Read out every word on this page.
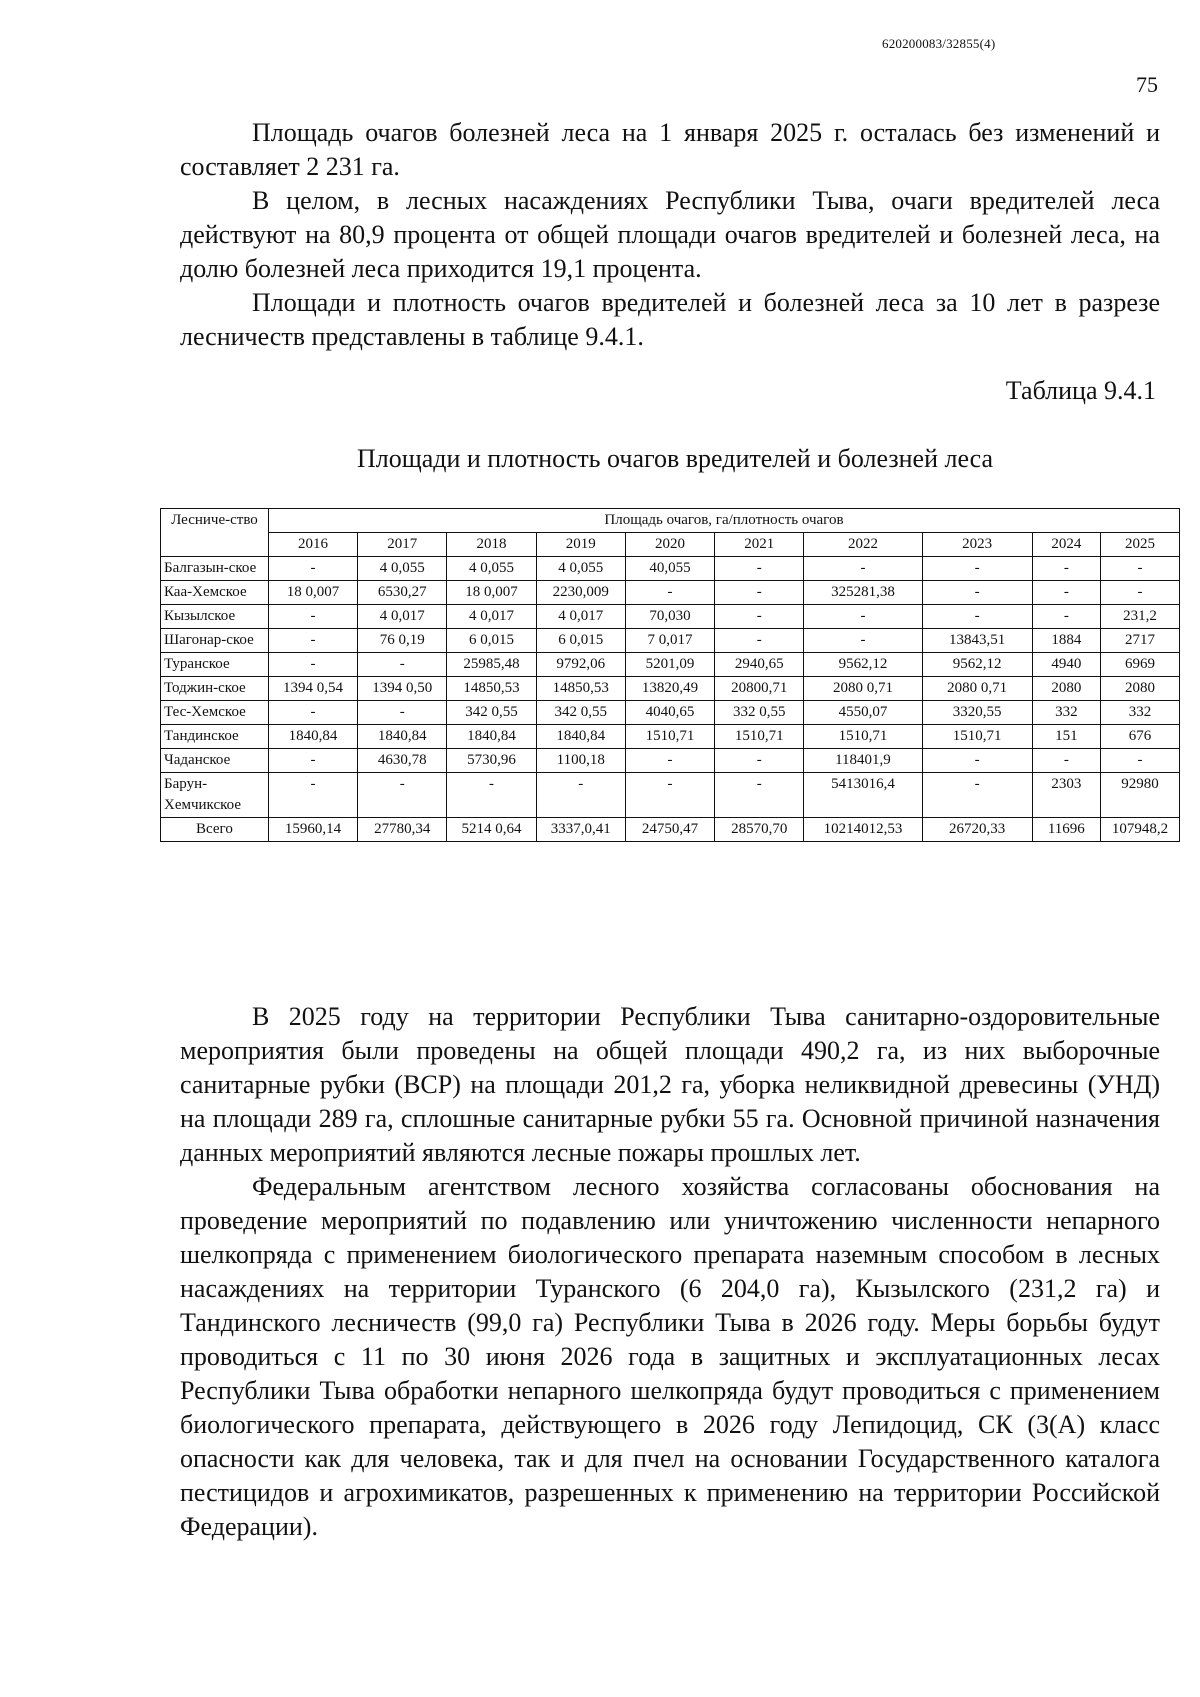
620200083/32855(4)
75

Площадь очагов болезней леса на 1 января 2025 г. осталась без изменений и составляет 2 231 га.

В целом, в лесных насаждениях Республики Тыва, очаги вредителей леса действуют на 80,9 процента от общей площади очагов вредителей и болезней леса, на долю болезней леса приходится 19,1 процента.

Площади и плотность очагов вредителей и болезней леса за 10 лет в разрезе лесничеств представлены в таблице 9.4.1.

Таблица 9.4.1
Площади и плотность очагов вредителей и болезней леса
Лесниче-ство	Площадь очагов, га/плотность очагов									
	2016	2017	2018	2019	2020	2021	2022	2023	2024	2025
Балгазын-ское	-	4 0,055	4 0,055	4 0,055	40,055	-	-	-	-	-
Каа-Хемское	18 0,007	6530,27	18 0,007	2230,009	-	-	325281,38	-	-	-
Кызылское	-	4 0,017	4 0,017	4 0,017	70,030	-	-	-	-	231,2
Шагонар-ское	-	76 0,19	6 0,015	6 0,015	7 0,017	-	-	13843,51	1884	2717
Туранское	-	-	25985,48	9792,06	5201,09	2940,65	9562,12	9562,12	4940	6969
Тоджин-ское	1394 0,54	1394 0,50	14850,53	14850,53	13820,49	20800,71	2080 0,71	2080 0,71	2080	2080
Тес-Хемское	-	-	342 0,55	342 0,55	4040,65	332 0,55	4550,07	3320,55	332	332
Тандинское	1840,84	1840,84	1840,84	1840,84	1510,71	1510,71	1510,71	1510,71	151	676
Чаданское	-	4630,78	5730,96	1100,18	-	-	118401,9	-	-	-
Барун-Хемчикское	-	-	-	-	-	-	5413016,4	-	2303	92980
Всего	15960,14	27780,34	5214 0,64	3337,0,41	24750,47	28570,70	10214012,53	26720,33	11696	107948,2

В 2025 году на территории Республики Тыва санитарно-оздоровительные мероприятия были проведены на общей площади 490,2 га, из них выборочные санитарные рубки (ВСР) на площади 201,2 га, уборка неликвидной древесины (УНД) на площади 289 га, сплошные санитарные рубки 55 га. Основной причиной назначения данных мероприятий являются лесные пожары прошлых лет.

Федеральным агентством лесного хозяйства согласованы обоснования на проведение мероприятий по подавлению или уничтожению численности непарного шелкопряда с применением биологического препарата наземным способом в лесных насаждениях на территории Туранского (6 204,0 га), Кызылского (231,2 га) и Тандинского лесничеств (99,0 га) Республики Тыва в 2026 году. Меры борьбы будут проводиться с 11 по 30 июня 2026 года в защитных и эксплуатационных лесах Республики Тыва обработки непарного шелкопряда будут проводиться с применением биологического препарата, действующего в 2026 году Лепидоцид, СК (3(А) класс опасности как для человека, так и для пчел на основании Государственного каталога пестицидов и агрохимикатов, разрешенных к применению на территории Российской Федерации).
